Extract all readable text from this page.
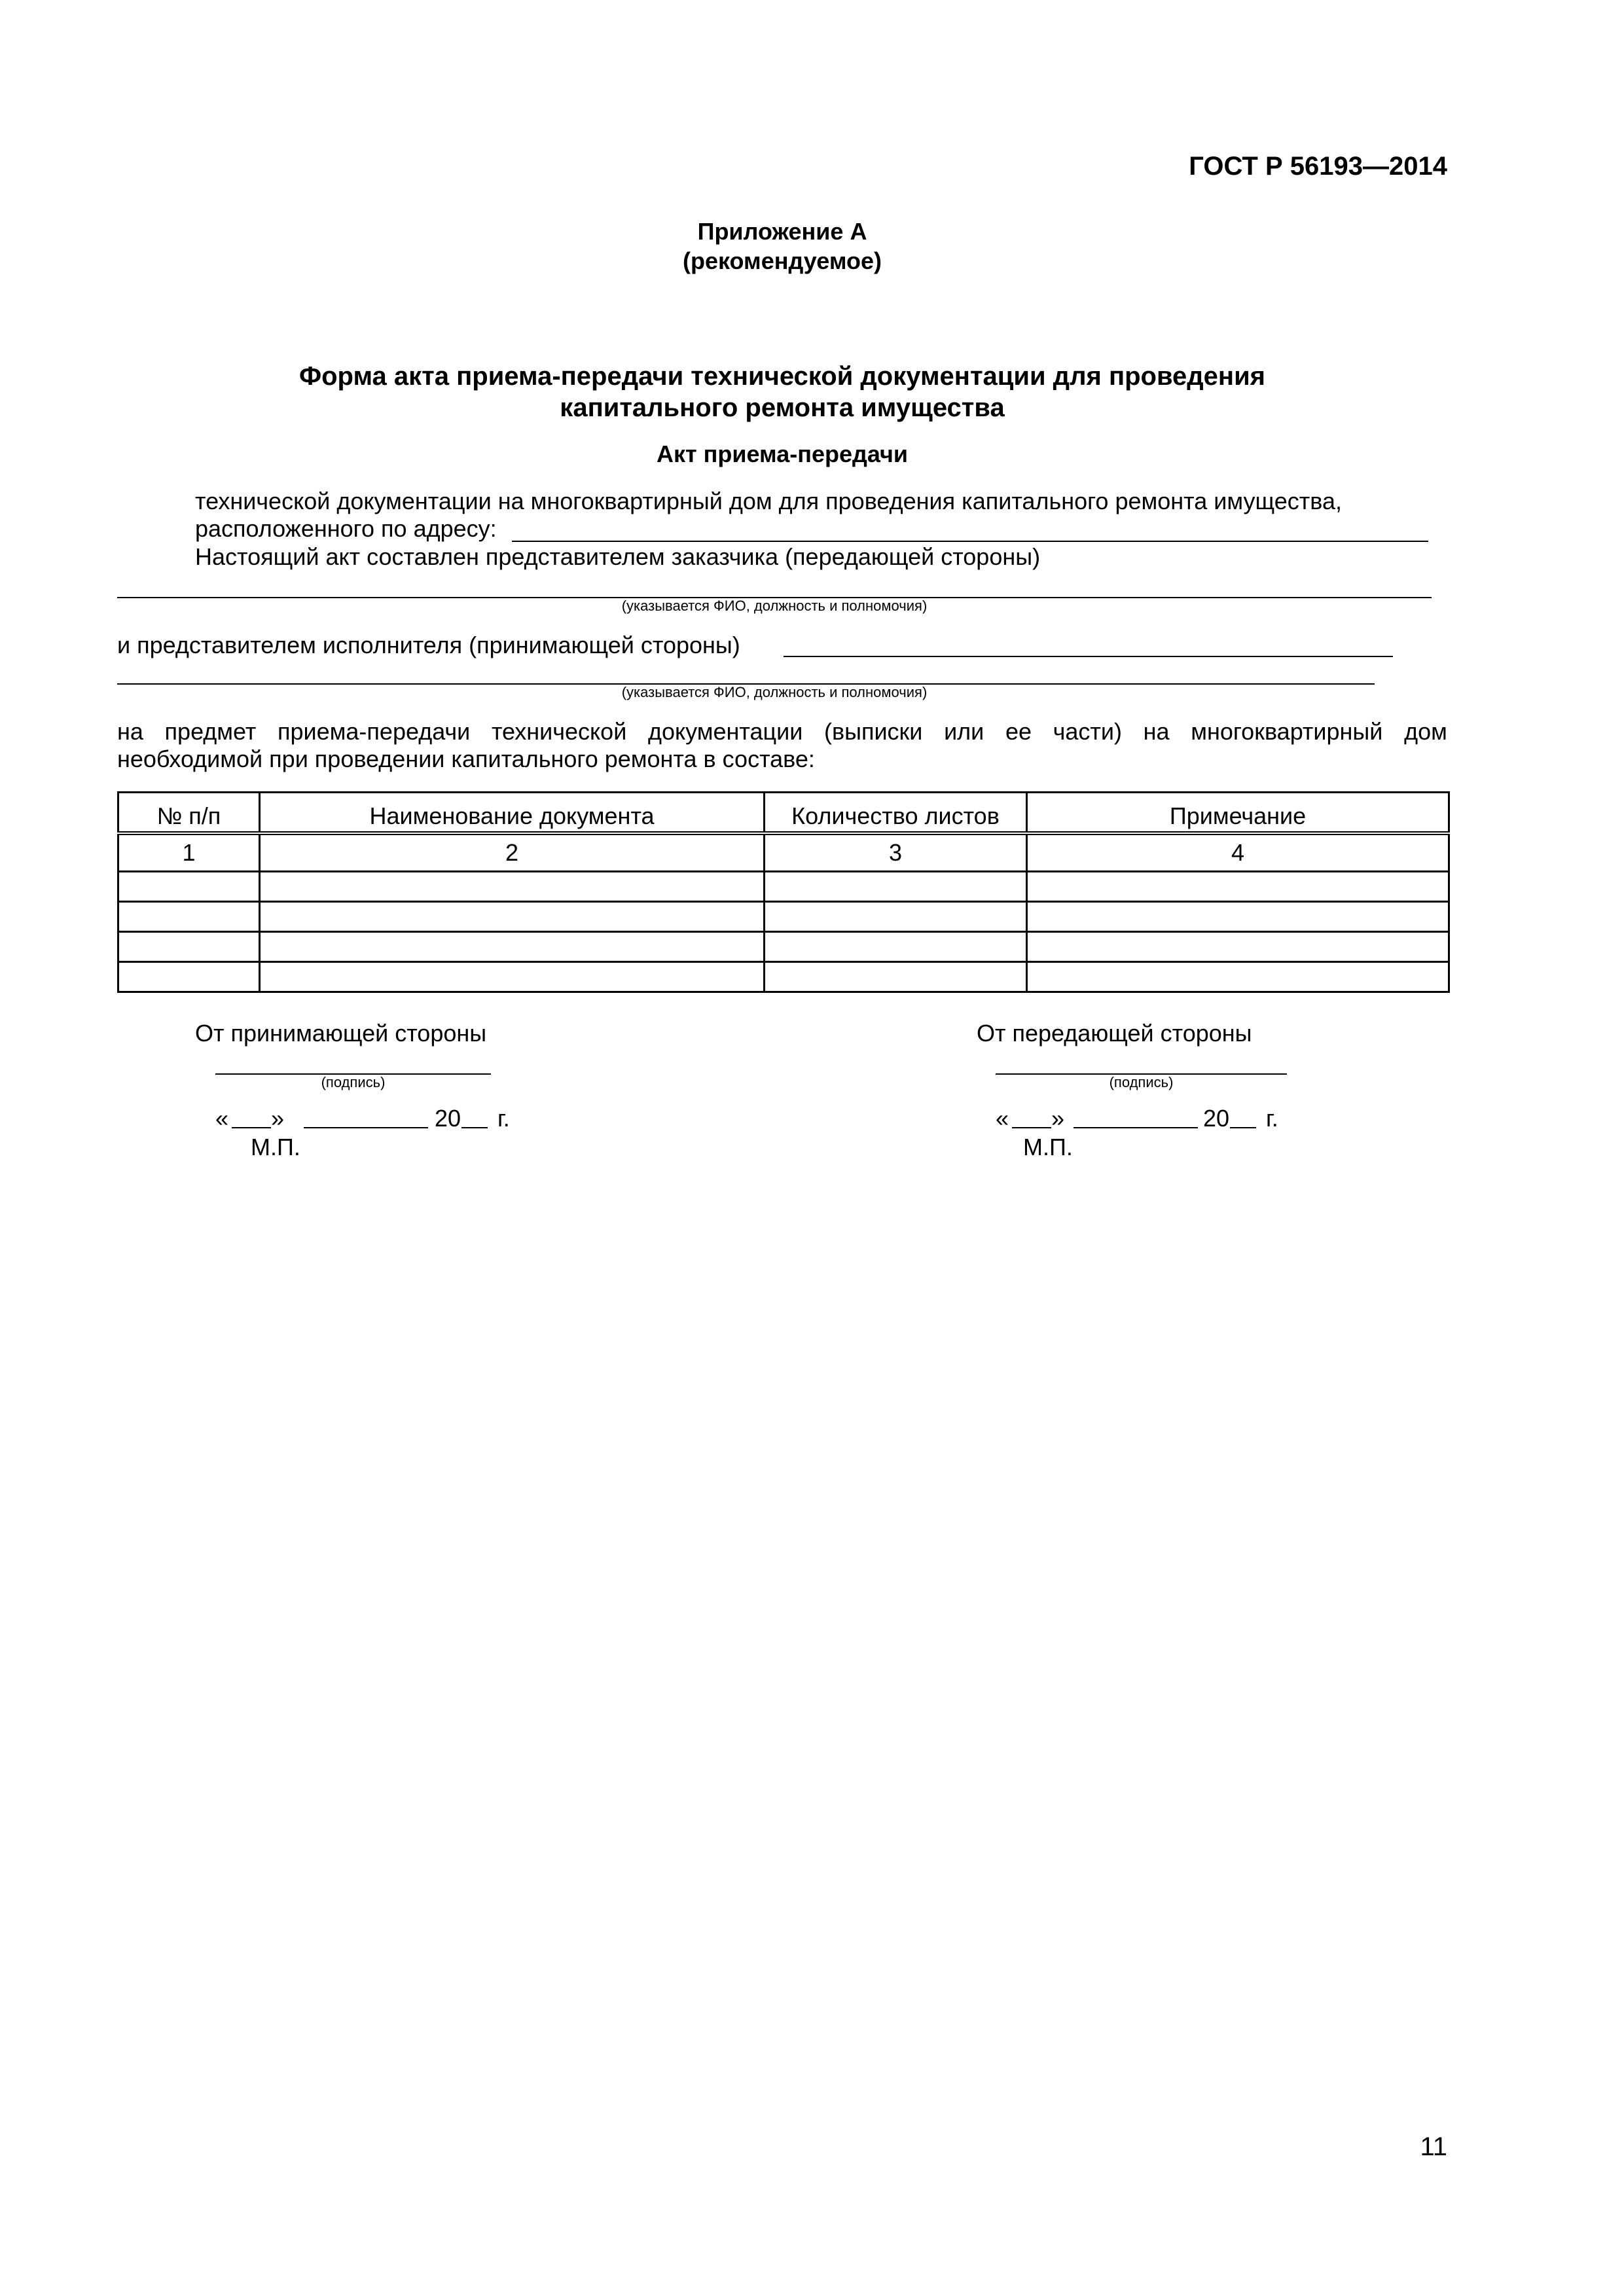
ГОСТ Р 56193—2014
Приложение А
(рекомендуемое)
Форма акта приема-передачи технической документации для проведения
капитального ремонта имущества
Акт приема-передачи
технической документации на многоквартирный дом для проведения капитального ремонта имущества,
расположенного по адресу:
Настоящий акт составлен представителем заказчика (передающей стороны)
(указывается ФИО, должность и полномочия)
и представителем исполнителя (принимающей стороны)
(указывается ФИО, должность и полномочия)
на предмет приема-передачи технической документации (выписки или ее части) на многоквартирный дом
необходимой при проведении капитального ремонта в составе:
№ п/п	Наименование документа	Количество листов	Примечание
1	2	3	4

От принимающей стороны
(подпись)
« »	20 г.
М.П.
От передающей стороны
(подпись)
« »	20 г.
М.П.
11
